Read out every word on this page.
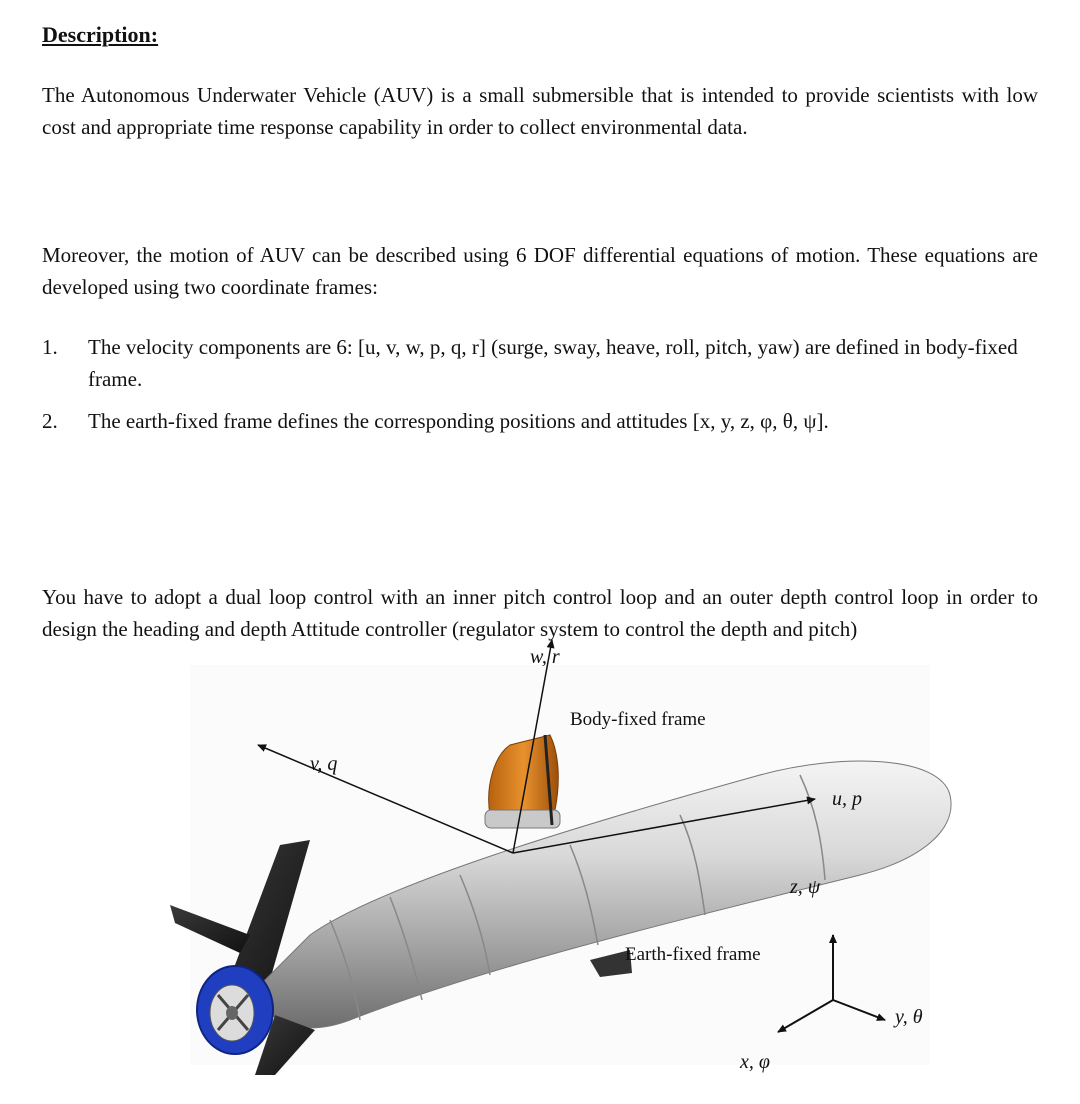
Description:

The Autonomous Underwater Vehicle (AUV) is a small submersible that is intended to provide scientists with low cost and appropriate time response capability in order to collect environmental data.

Moreover, the motion of AUV can be described using 6 DOF differential equations of motion. These equations are developed using two coordinate frames:

1.	The velocity components are 6: [u, v, w, p, q, r] (surge, sway, heave, roll, pitch, yaw) are defined in body-fixed frame.
2.	The earth-fixed frame defines the corresponding positions and attitudes [x, y, z, φ, θ, ψ].

You have to adopt a dual loop control with an inner pitch control loop and an outer depth control loop in order to design the heading and depth Attitude controller (regulator system to control the depth and pitch)

w, r
Body-fixed frame
v, q
u, p
z, ψ
Earth-fixed frame
y, θ
x, φ
